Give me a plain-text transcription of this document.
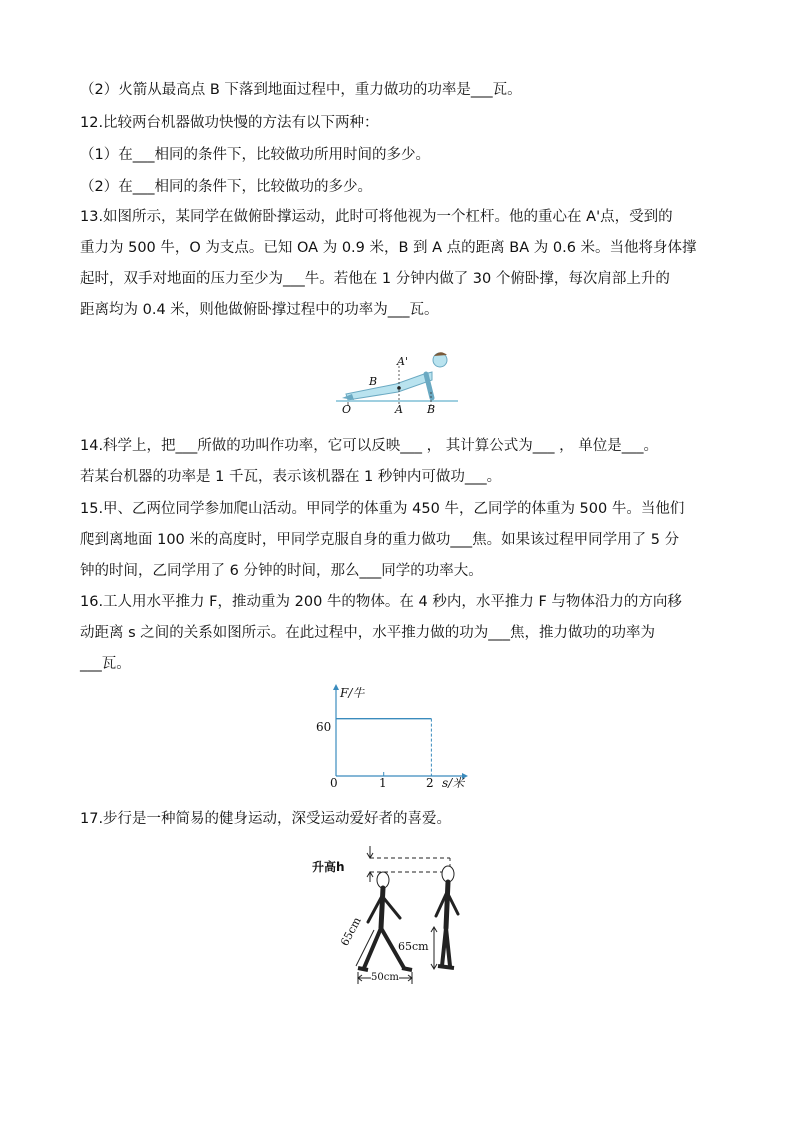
（2）火箭从最高点 B 下落到地面过程中，重力做功的功率是___瓦。
12.比较两台机器做功快慢的方法有以下两种：
（1）在___相同的条件下，比较做功所用时间的多少。
（2）在___相同的条件下，比较做功的多少。
13.如图所示，某同学在做俯卧撑运动，此时可将他视为一个杠杆。他的重心在 A'点，受到的
重力为 500 牛，O 为支点。已知 OA 为 0.9 米，B 到 A 点的距离 BA 为 0.6 米。当他将身体撑
起时，双手对地面的压力至少为___牛。若他在 1 分钟内做了 30 个俯卧撑，每次肩部上升的
距离均为 0.4 米，则他做俯卧撑过程中的功率为___瓦。
A'
B
O	A B
14.科学上，把___所做的功叫作功率，它可以反映___ ， 其计算公式为___ ， 单位是___。
若某台机器的功率是 1 千瓦，表示该机器在 1 秒钟内可做功___。
15.甲、乙两位同学参加爬山活动。甲同学的体重为 450 牛，乙同学的体重为 500 牛。当他们
爬到离地面 100 米的高度时，甲同学克服自身的重力做功___焦。如果该过程甲同学用了 5 分
钟的时间，乙同学用了 6 分钟的时间，那么___同学的功率大。
16.工人用水平推力 F，推动重为 200 牛的物体。在 4 秒内，水平推力 F 与物体沿力的方向移
动距离 s 之间的关系如图所示。在此过程中，水平推力做的功为___焦，推力做功的功率为
___瓦。
F/牛
s/米
0
60
1	2
17.步行是一种简易的健身运动，深受运动爱好者的喜爱。
升高h
65cm	65cm
50cm
